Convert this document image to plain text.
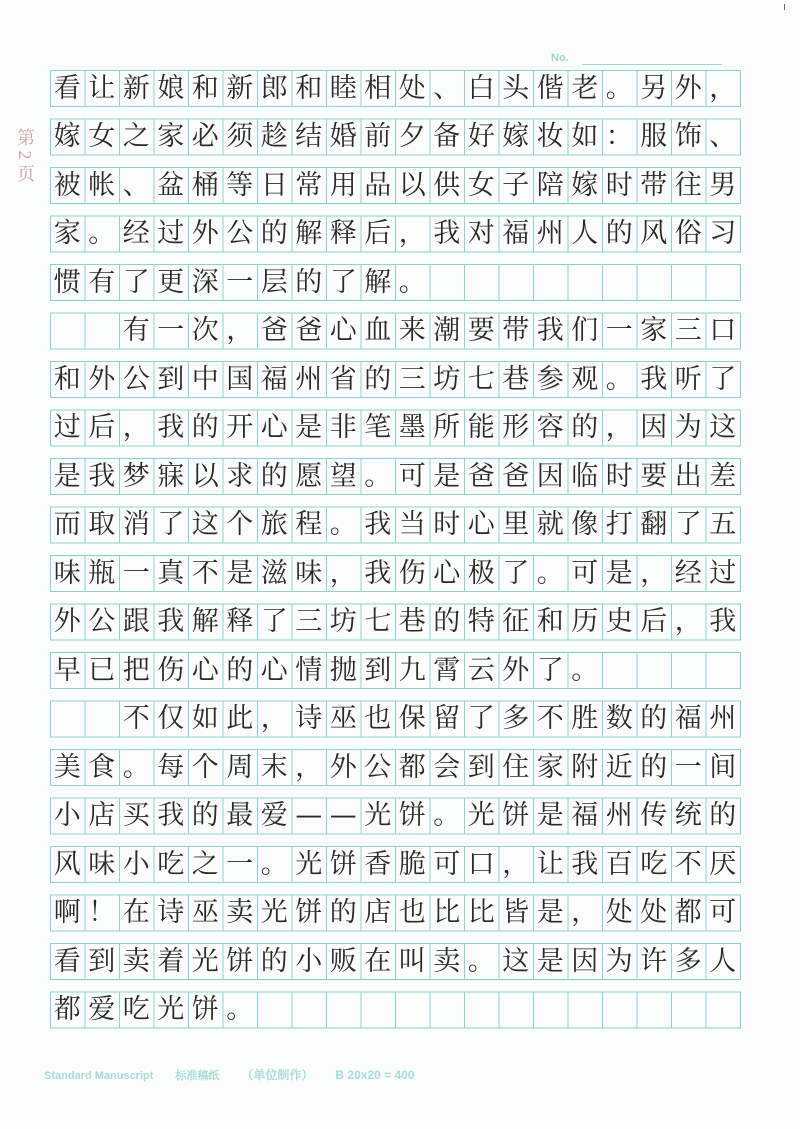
No.
第 2 页
看 让 新 娘 和 新 郎 和 睦 相 处 、 白 头 偕 老 。 另 外 ，
嫁 女 之 家 必 须 趁 结 婚 前 夕 备 好 嫁 妆 如 ： 服 饰 、
被 帐 、 盆 桶 等 日 常 用 品 以 供 女 子 陪 嫁 时 带 往 男
家 。 经 过 外 公 的 解 释 后 ， 我 对 福 州 人 的 风 俗 习
惯 有 了 更 深 一 层 的 了 解 。
有 一 次 ， 爸 爸 心 血 来 潮 要 带 我 们 一 家 三 口
和 外 公 到 中 国 福 州 省 的 三 坊 七 巷 参 观 。 我 听 了
过 后 ， 我 的 开 心 是 非 笔 墨 所 能 形 容 的 ， 因 为 这
是 我 梦 寐 以 求 的 愿 望 。 可 是 爸 爸 因 临 时 要 出 差
而 取 消 了 这 个 旅 程 。 我 当 时 心 里 就 像 打 翻 了 五
味 瓶 一 真 不 是 滋 味 ， 我 伤 心 极 了 。 可 是 ， 经 过
外 公 跟 我 解 释 了 三 坊 七 巷 的 特 征 和 历 史 后 ， 我
早 已 把 伤 心 的 心 情 抛 到 九 霄 云 外 了 。
不 仅 如 此 ， 诗 巫 也 保 留 了 多 不 胜 数 的 福 州
美 食 。 每 个 周 末 ， 外 公 都 会 到 住 家 附 近 的 一 间
小 店 买 我 的 最 爱 — — 光 饼 。 光 饼 是 福 州 传 统 的
风 味 小 吃 之 一 。 光 饼 香 脆 可 口 ， 让 我 百 吃 不 厌
啊 ！ 在 诗 巫 卖 光 饼 的 店 也 比 比 皆 是 ， 处 处 都 可
看 到 卖 着 光 饼 的 小 贩 在 叫 卖 。 这 是 因 为 许 多 人
都 爱 吃 光 饼 。
Standard Manuscript 标准稿纸 （单位制作） B 20x20 = 400
